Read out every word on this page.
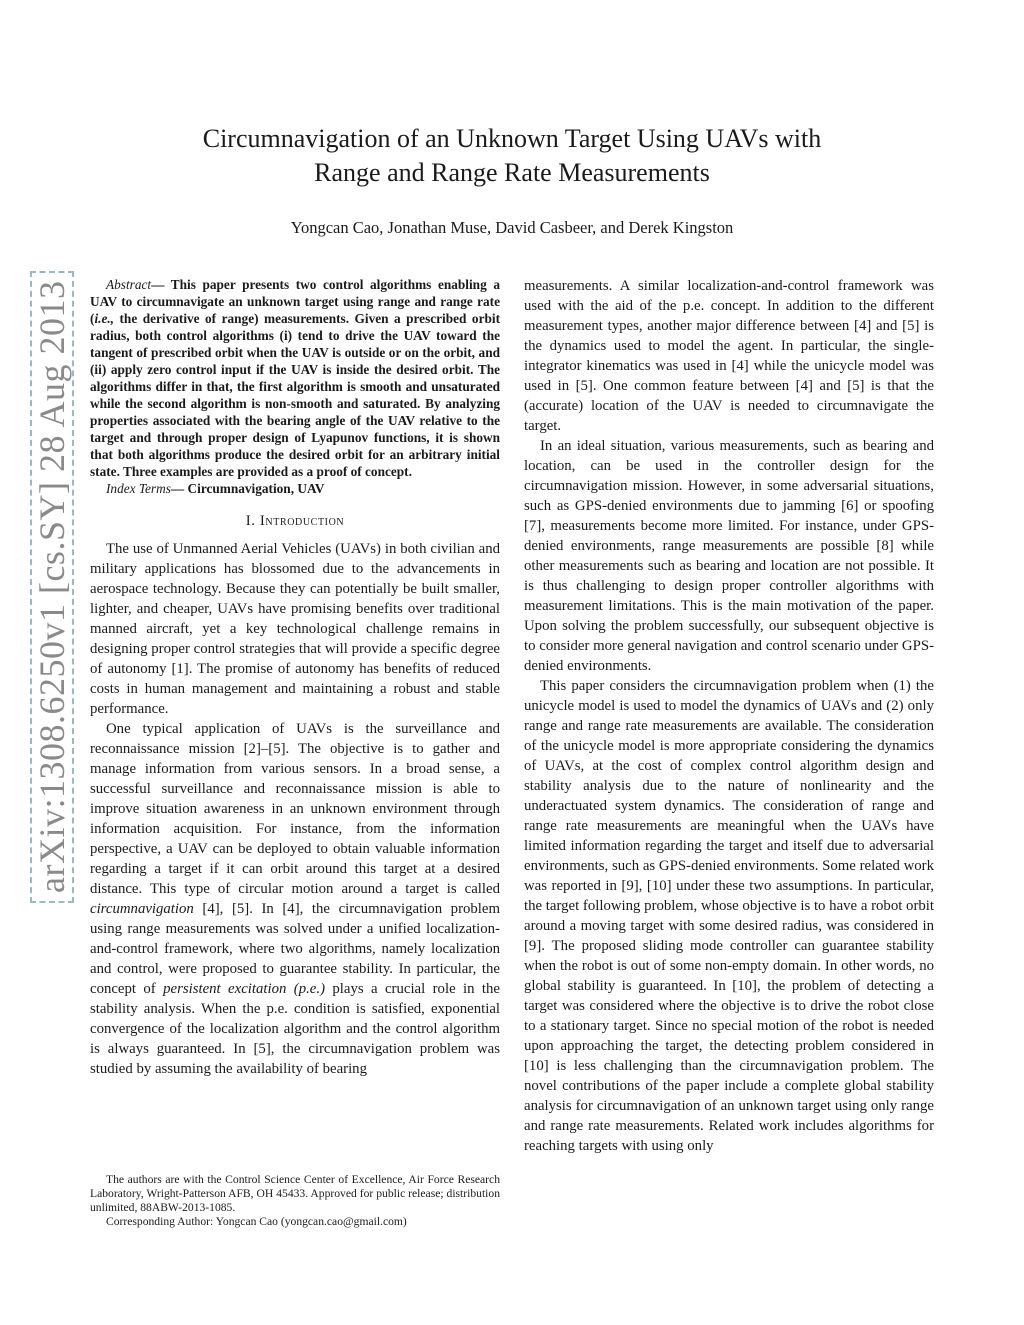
arXiv:1308.6250v1 [cs.SY] 28 Aug 2013
Circumnavigation of an Unknown Target Using UAVs with
Range and Range Rate Measurements
Yongcan Cao, Jonathan Muse, David Casbeer, and Derek Kingston

Abstract— This paper presents two control algorithms enabling a UAV to circumnavigate an unknown target using range and range rate (i.e., the derivative of range) measurements. Given a prescribed orbit radius, both control algorithms (i) tend to drive the UAV toward the tangent of prescribed orbit when the UAV is outside or on the orbit, and (ii) apply zero control input if the UAV is inside the desired orbit. The algorithms differ in that, the first algorithm is smooth and unsaturated while the second algorithm is non-smooth and saturated. By analyzing properties associated with the bearing angle of the UAV relative to the target and through proper design of Lyapunov functions, it is shown that both algorithms produce the desired orbit for an arbitrary initial state. Three examples are provided as a proof of concept.

Index Terms— Circumnavigation, UAV

I. Introduction

The use of Unmanned Aerial Vehicles (UAVs) in both civilian and military applications has blossomed due to the advancements in aerospace technology. Because they can potentially be built smaller, lighter, and cheaper, UAVs have promising benefits over traditional manned aircraft, yet a key technological challenge remains in designing proper control strategies that will provide a specific degree of autonomy [1]. The promise of autonomy has benefits of reduced costs in human management and maintaining a robust and stable performance.

One typical application of UAVs is the surveillance and reconnaissance mission [2]–[5]. The objective is to gather and manage information from various sensors. In a broad sense, a successful surveillance and reconnaissance mission is able to improve situation awareness in an unknown environment through information acquisition. For instance, from the information perspective, a UAV can be deployed to obtain valuable information regarding a target if it can orbit around this target at a desired distance. This type of circular motion around a target is called circumnavigation [4], [5]. In [4], the circumnavigation problem using range measurements was solved under a unified localization-and-control framework, where two algorithms, namely localization and control, were proposed to guarantee stability. In particular, the concept of persistent excitation (p.e.) plays a crucial role in the stability analysis. When the p.e. condition is satisfied, exponential convergence of the localization algorithm and the control algorithm is always guaranteed. In [5], the circumnavigation problem was studied by assuming the availability of bearing

The authors are with the Control Science Center of Excellence, Air Force Research Laboratory, Wright-Patterson AFB, OH 45433. Approved for public release; distribution unlimited, 88ABW-2013-1085.

Corresponding Author: Yongcan Cao (yongcan.cao@gmail.com)

measurements. A similar localization-and-control framework was used with the aid of the p.e. concept. In addition to the different measurement types, another major difference between [4] and [5] is the dynamics used to model the agent. In particular, the single-integrator kinematics was used in [4] while the unicycle model was used in [5]. One common feature between [4] and [5] is that the (accurate) location of the UAV is needed to circumnavigate the target.

In an ideal situation, various measurements, such as bearing and location, can be used in the controller design for the circumnavigation mission. However, in some adversarial situations, such as GPS-denied environments due to jamming [6] or spoofing [7], measurements become more limited. For instance, under GPS-denied environments, range measurements are possible [8] while other measurements such as bearing and location are not possible. It is thus challenging to design proper controller algorithms with measurement limitations. This is the main motivation of the paper. Upon solving the problem successfully, our subsequent objective is to consider more general navigation and control scenario under GPS-denied environments.

This paper considers the circumnavigation problem when (1) the unicycle model is used to model the dynamics of UAVs and (2) only range and range rate measurements are available. The consideration of the unicycle model is more appropriate considering the dynamics of UAVs, at the cost of complex control algorithm design and stability analysis due to the nature of nonlinearity and the underactuated system dynamics. The consideration of range and range rate measurements are meaningful when the UAVs have limited information regarding the target and itself due to adversarial environments, such as GPS-denied environments. Some related work was reported in [9], [10] under these two assumptions. In particular, the target following problem, whose objective is to have a robot orbit around a moving target with some desired radius, was considered in [9]. The proposed sliding mode controller can guarantee stability when the robot is out of some non-empty domain. In other words, no global stability is guaranteed. In [10], the problem of detecting a target was considered where the objective is to drive the robot close to a stationary target. Since no special motion of the robot is needed upon approaching the target, the detecting problem considered in [10] is less challenging than the circumnavigation problem. The novel contributions of the paper include a complete global stability analysis for circumnavigation of an unknown target using only range and range rate measurements. Related work includes algorithms for reaching targets with using only
